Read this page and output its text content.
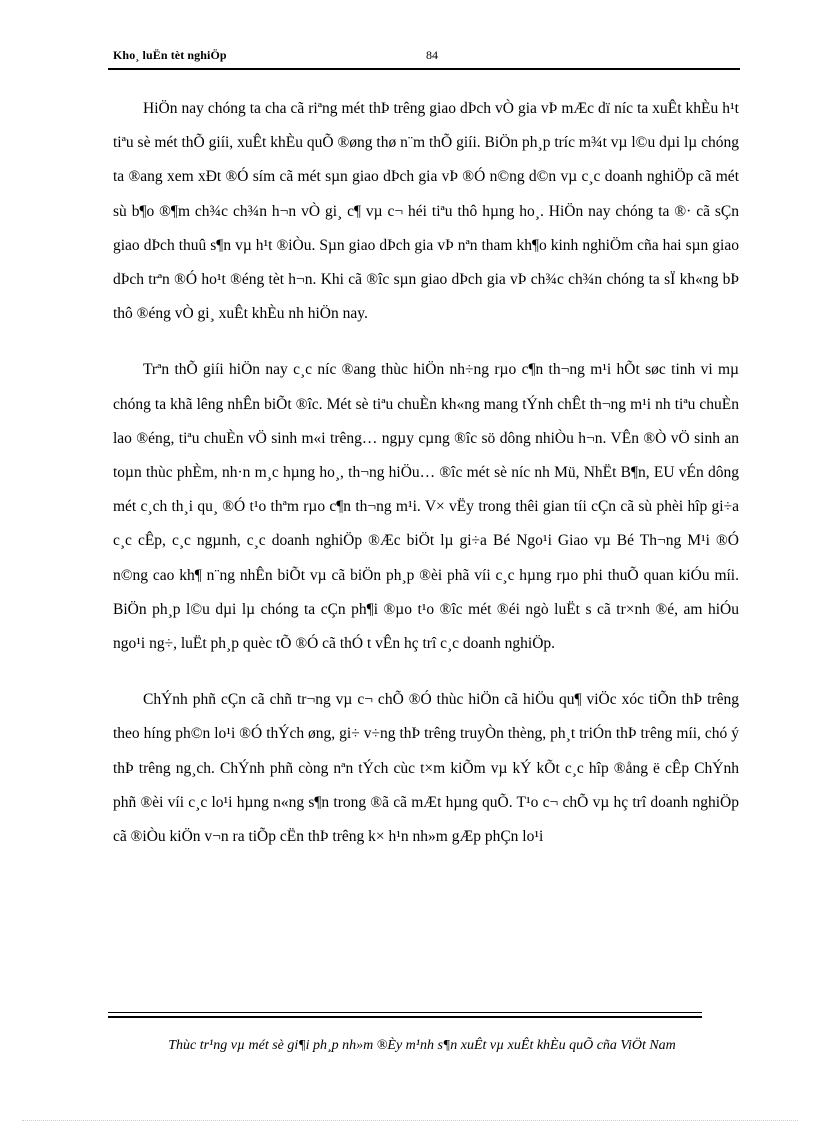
Kho¸ luËn tèt nghiÖp	84

HiÖn nay chóng ta cha cã riªng mét thÞ trêng giao dÞch vÒ gia vÞ mÆc dï níc ta xuÊt khÈu h¹t tiªu sè mét thÕ giíi, xuÊt khÈu quÕ ®øng thø n¨m thÕ giíi. BiÖn ph¸p tríc m¾t vµ l©u dµi lµ chóng ta ®ang xem xÐt ®Ó sím cã mét sµn giao dÞch gia vÞ ®Ó n©ng d©n vµ c¸c doanh nghiÖp cã mét sù b¶o ®¶m ch¾c ch¾n h¬n vÒ gi¸ c¶ vµ c¬ héi tiªu thô hµng ho¸. HiÖn nay chóng ta ®· cã sÇn giao dÞch thuû s¶n vµ h¹t ®iÒu. Sµn giao dÞch gia vÞ nªn tham kh¶o kinh nghiÖm cña hai sµn giao dÞch trªn ®Ó ho¹t ®éng tèt h¬n. Khi cã ®îc sµn giao dÞch gia vÞ ch¾c ch¾n chóng ta sÏ kh«ng bÞ thô ®éng vÒ gi¸ xuÊt khÈu nh hiÖn nay.

Trªn thÕ giíi hiÖn nay c¸c níc ®ang thùc hiÖn nh÷ng rµo c¶n th¬ng m¹i hÕt søc tinh vi mµ chóng ta khã lêng nhÊn biÕt ®îc. Mét sè tiªu chuÈn kh«ng mang tÝnh chÊt th¬ng m¹i nh tiªu chuÈn lao ®éng, tiªu chuÈn vÖ sinh m«i trêng… ngµy cµng ®îc sö dông nhiÒu h¬n. VÊn ®Ò vÖ sinh an toµn thùc phÈm, nh·n m¸c hµng ho¸, th¬ng hiÖu… ®îc mét sè níc nh Mü, NhËt B¶n, EU vÉn dông mét c¸ch th¸i qu¸ ®Ó t¹o thªm rµo c¶n th¬ng m¹i. V× vËy trong thêi gian tíi cÇn cã sù phèi hîp gi÷a c¸c cÊp, c¸c ngµnh, c¸c doanh nghiÖp ®Æc biÖt lµ gi÷a Bé Ngo¹i Giao vµ Bé Th¬ng M¹i ®Ó n©ng cao kh¶ n¨ng nhÊn biÕt vµ cã biÖn ph¸p ®èi phã víi c¸c hµng rµo phi thuÕ quan kiÓu míi. BiÖn ph¸p l©u dµi lµ chóng ta cÇn ph¶i ®µo t¹o ®îc mét ®éi ngò luËt s cã tr×nh ®é, am hiÓu ngo¹i ng÷, luËt ph¸p quèc tÕ ®Ó cã thÓ t vÊn hç trî c¸c doanh nghiÖp.

ChÝnh phñ cÇn cã chñ tr¬ng vµ c¬ chÕ ®Ó thùc hiÖn cã hiÖu qu¶ viÖc xóc tiÕn thÞ trêng theo híng ph©n lo¹i ®Ó thÝch øng, gi÷ v÷ng thÞ trêng truyÒn thèng, ph¸t triÓn thÞ trêng míi, chó ý thÞ trêng ng¸ch. ChÝnh phñ còng nªn tÝch cùc t×m kiÕm vµ kÝ kÕt c¸c hîp ®ång ë cÊp ChÝnh phñ ®èi víi c¸c lo¹i hµng n«ng s¶n trong ®ã cã mÆt hµng quÕ. T¹o c¬ chÕ vµ hç trî doanh nghiÖp cã ®iÒu kiÖn v¬n ra tiÕp cËn thÞ trêng k× h¹n nh»m gÆp phÇn lo¹i

Thùc tr¹ng vµ mét sè gi¶i ph¸p nh»m ®Èy m¹nh s¶n xuÊt vµ xuÊt khÈu quÕ cña ViÖt Nam
